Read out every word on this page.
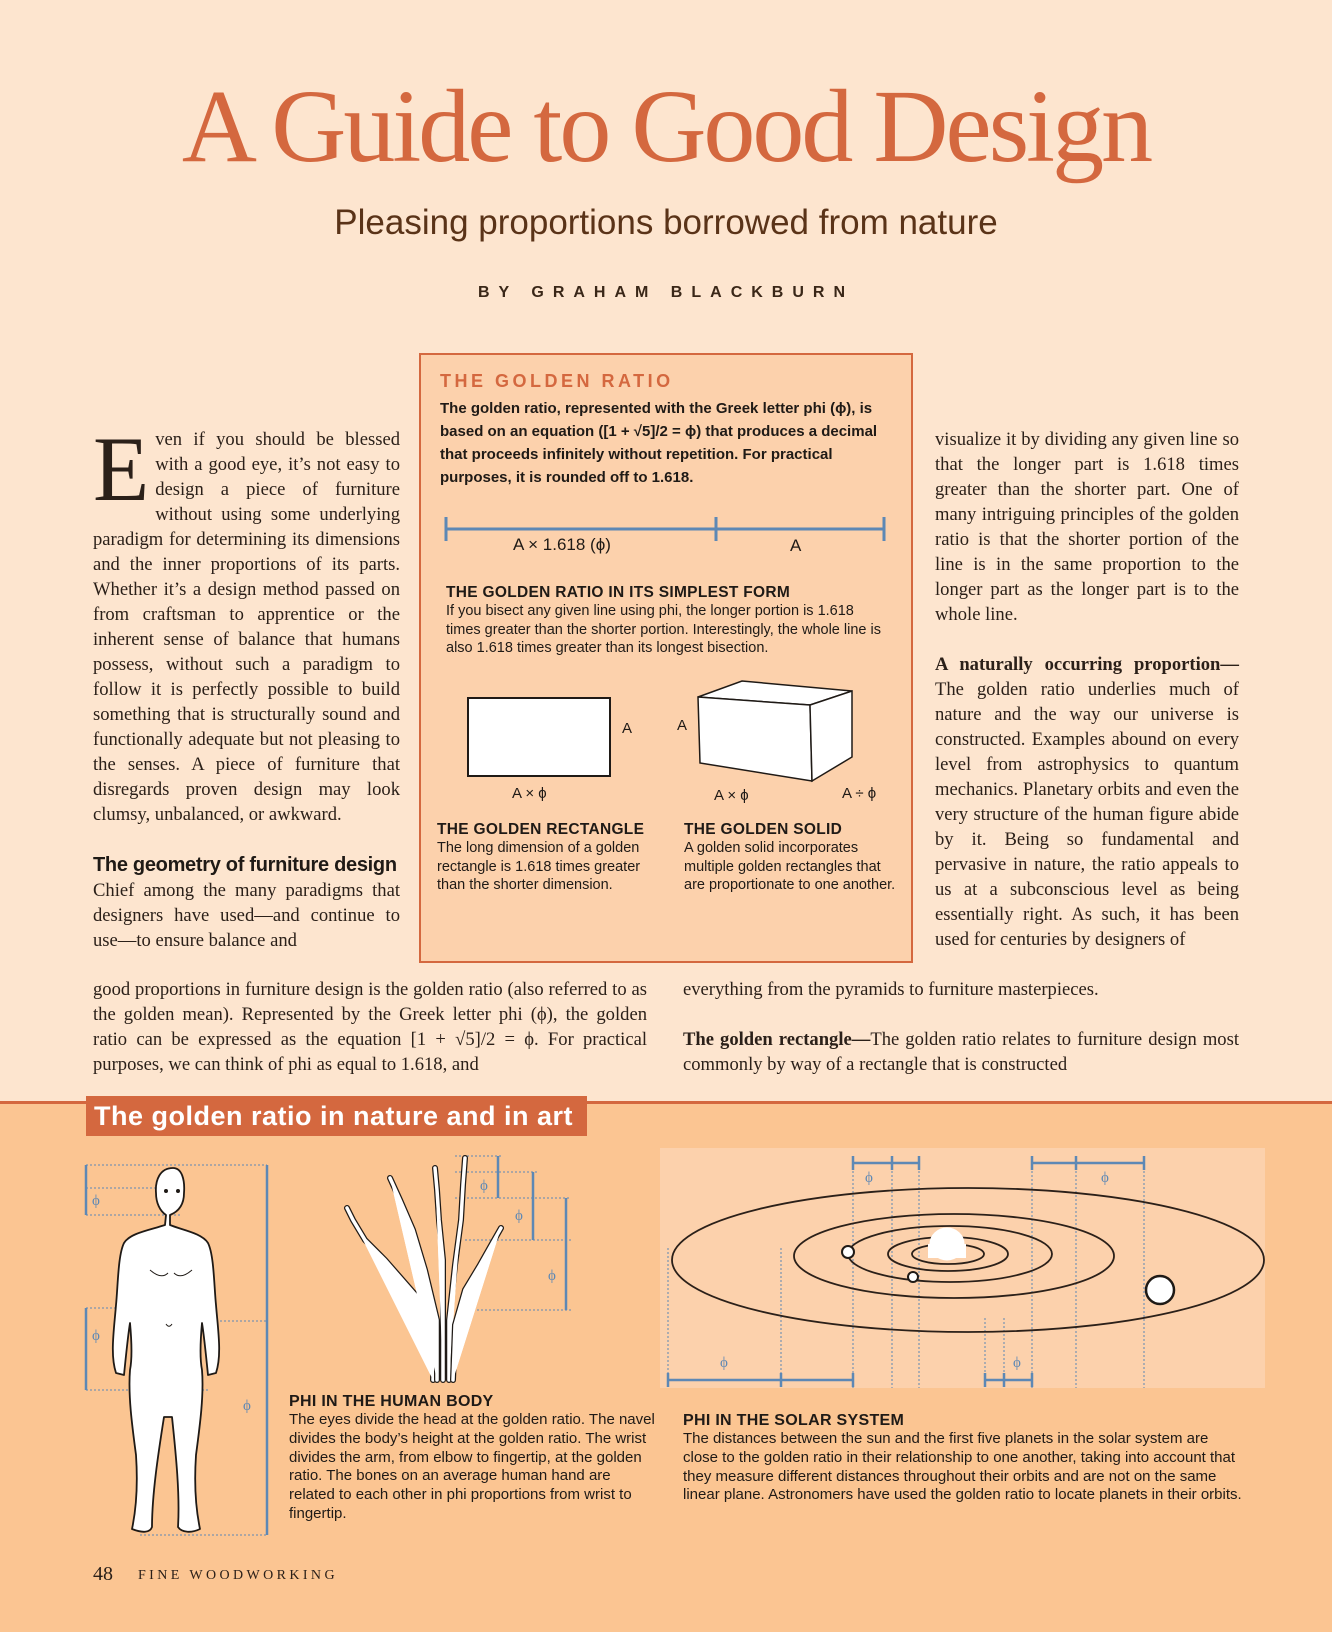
A Guide to Good Design
Pleasing proportions borrowed from nature
BY GRAHAM BLACKBURN

Even if you should be blessed with a good eye, it’s not easy to design a piece of furniture without using some underlying paradigm for determining its dimensions and the inner proportions of its parts. Whether it’s a design method passed on from craftsman to apprentice or the inherent sense of balance that humans possess, without such a paradigm to follow it is perfectly possible to build something that is structurally sound and functionally adequate but not pleasing to the senses. A piece of furniture that disregards proven design may look clumsy, unbalanced, or awkward.

The geometry of furniture design

Chief among the many paradigms that designers have used—and continue to use—to ensure balance and

good proportions in furniture design is the golden ratio (also referred to as the golden mean). Represented by the Greek letter phi (ϕ), the golden ratio can be expressed as the equation [1 + √5]/2 = ϕ. For practical purposes, we can think of phi as equal to 1.618, and
THE GOLDEN RATIO
The golden ratio, represented with the Greek letter phi (ϕ), is based on an equation ([1 + √5]/2 = ϕ) that produces a decimal that proceeds infinitely without repetition. For practical purposes, it is rounded off to 1.618.
A × 1.618 (ϕ)	A
THE GOLDEN RATIO IN ITS SIMPLEST FORM
If you bisect any given line using phi, the longer portion is 1.618 times greater than the shorter portion. Interestingly, the whole line is also 1.618 times greater than its longest bisection.
A
A × ϕ
A
A × ϕ	A ÷ ϕ
THE GOLDEN RECTANGLE
The long dimension of a golden rectangle is 1.618 times greater than the shorter dimension.
THE GOLDEN SOLID
A golden solid incorporates multiple golden rectangles that are proportionate to one another.

visualize it by dividing any given line so that the longer part is 1.618 times greater than the shorter part. One of many intriguing principles of the golden ratio is that the shorter portion of the line is in the same proportion to the longer part as the longer part is to the whole line.

A naturally occurring proportion—The golden ratio underlies much of nature and the way our universe is constructed. Examples abound on every level from astrophysics to quantum mechanics. Planetary orbits and even the very structure of the human figure abide by it. Being so fundamental and pervasive in nature, the ratio appeals to us at a subconscious level as being essentially right. As such, it has been used for centuries by designers of

everything from the pyramids to furniture masterpieces.

The golden rectangle—The golden ratio relates to furniture design most commonly by way of a rectangle that is constructed

The golden ratio in nature and in art
ϕ
ϕ
ϕ
ϕ
ϕ
ϕ
PHI IN THE HUMAN BODY
The eyes divide the head at the golden ratio. The navel divides the body’s height at the golden ratio. The wrist divides the arm, from elbow to fingertip, at the golden ratio. The bones on an average human hand are related to each other in phi proportions from wrist to fingertip.
ϕ	ϕ
ϕ	ϕ
PHI IN THE SOLAR SYSTEM
The distances between the sun and the first five planets in the solar system are close to the golden ratio in their relationship to one another, taking into account that they measure different distances throughout their orbits and are not on the same linear plane. Astronomers have used the golden ratio to locate planets in their orbits.
48 FINE WOODWORKING
